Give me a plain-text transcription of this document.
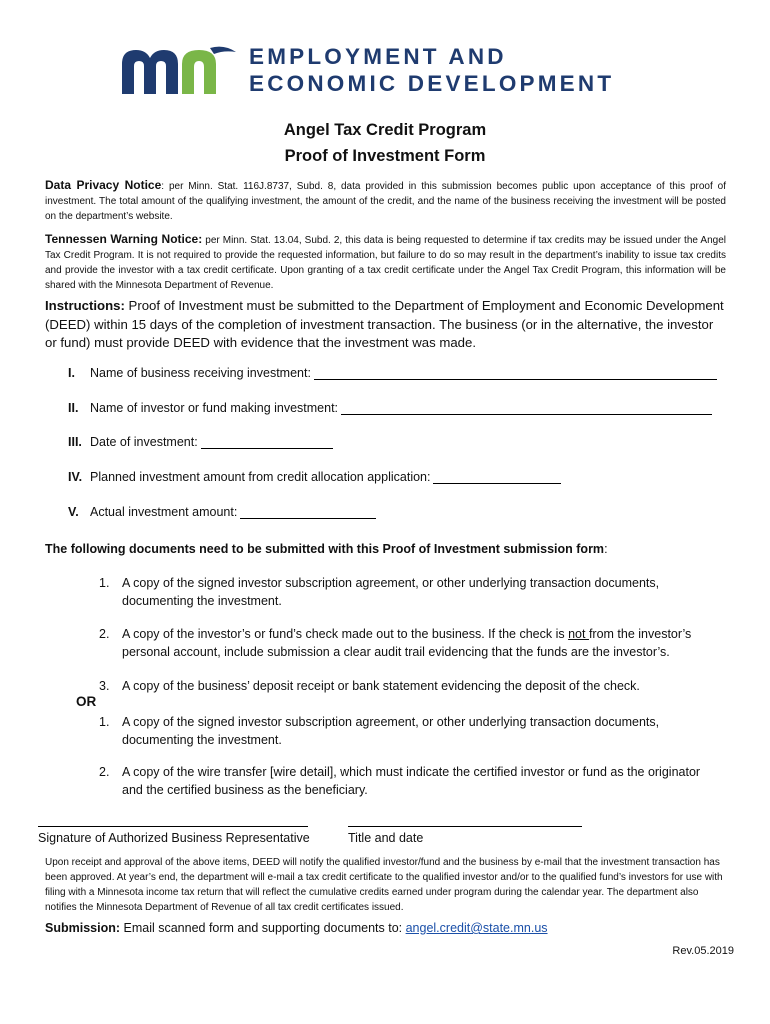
EMPLOYMENT AND
ECONOMIC DEVELOPMENT
Angel Tax Credit Program
Proof of Investment Form
Data Privacy Notice: per Minn. Stat. 116J.8737, Subd. 8, data provided in this submission becomes public upon acceptance of this proof of investment. The total amount of the qualifying investment, the amount of the credit, and the name of the business receiving the investment will be posted on the department’s website.
Tennessen Warning Notice: per Minn. Stat. 13.04, Subd. 2, this data is being requested to determine if tax credits may be issued under the Angel Tax Credit Program. It is not required to provide the requested information, but failure to do so may result in the department’s inability to issue tax credits and provide the investor with a tax credit certificate. Upon granting of a tax credit certificate under the Angel Tax Credit Program, this information will be shared with the Minnesota Department of Revenue.
Instructions: Proof of Investment must be submitted to the Department of Employment and Economic Development (DEED) within 15 days of the completion of investment transaction. The business (or in the alternative, the investor or fund) must provide DEED with evidence that the investment was made.
I. Name of business receiving investment:
II. Name of investor or fund making investment:
III. Date of investment:
IV. Planned investment amount from credit allocation application:
V. Actual investment amount:
The following documents need to be submitted with this Proof of Investment submission form:
1. A copy of the signed investor subscription agreement, or other underlying transaction documents,
documenting the investment.
2. A copy of the investor’s or fund’s check made out to the business. If the check is not from the investor’s
personal account, include submission a clear audit trail evidencing that the funds are the investor’s.
3. A copy of the business’ deposit receipt or bank statement evidencing the deposit of the check.
OR
1. A copy of the signed investor subscription agreement, or other underlying transaction documents,
documenting the investment.
2. A copy of the wire transfer [wire detail], which must indicate the certified investor or fund as the originator
and the certified business as the beneficiary.
Signature of Authorized Business Representative	Title and date
Upon receipt and approval of the above items, DEED will notify the qualified investor/fund and the business by e-mail that the investment transaction has been approved. At year’s end, the department will e-mail a tax credit certificate to the qualified investor and/or to the qualified fund’s investors for use with filing with a Minnesota income tax return that will reflect the cumulative credits earned under program during the calendar year. The department also notifies the Minnesota Department of Revenue of all tax credit certificates issued.
Submission: Email scanned form and supporting documents to: angel.credit@state.mn.us
Rev.05.2019
